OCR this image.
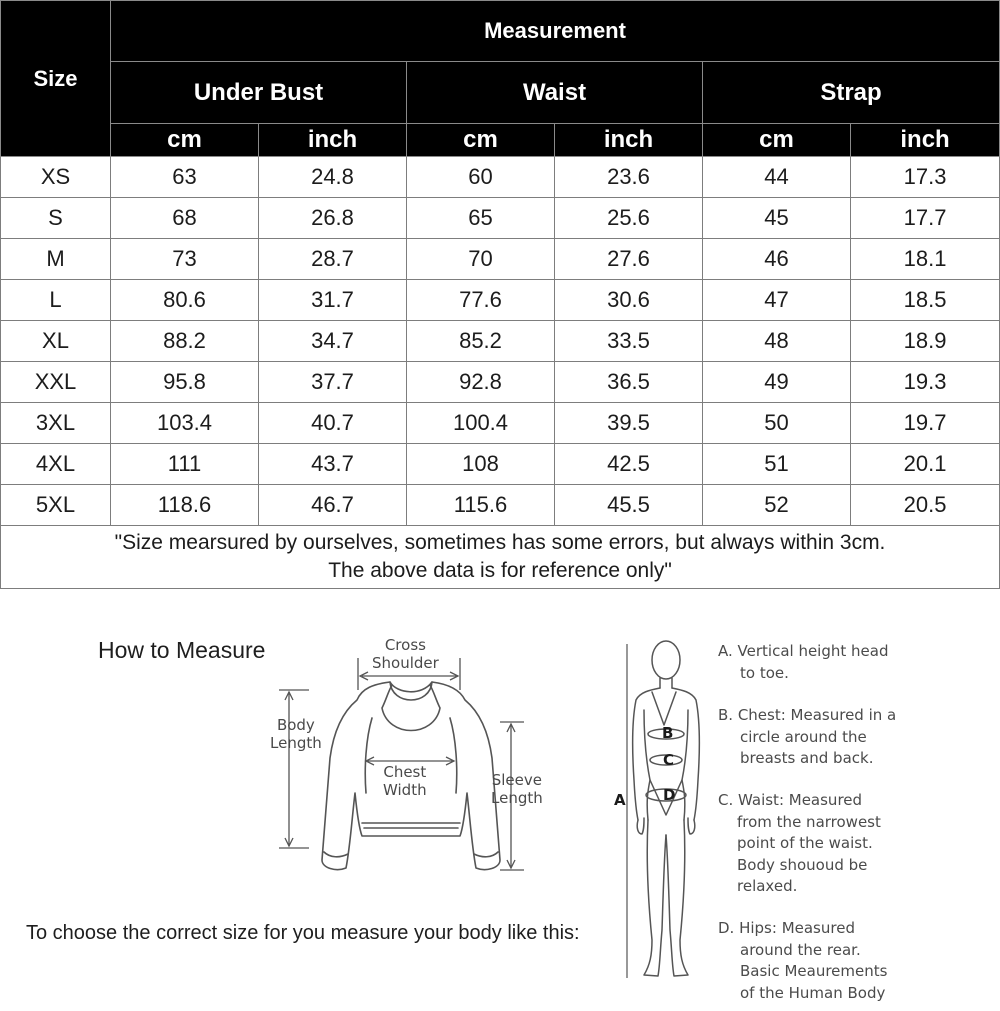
Size	Measurement					
	Under Bust		Waist		Strap	
	cm	inch	cm	inch	cm	inch
XS	63	24.8	60	23.6	44	17.3
S	68	26.8	65	25.6	45	17.7
M	73	28.7	70	27.6	46	18.1
L	80.6	31.7	77.6	30.6	47	18.5
XL	88.2	34.7	85.2	33.5	48	18.9
XXL	95.8	37.7	92.8	36.5	49	19.3
3XL	103.4	40.7	100.4	39.5	50	19.7
4XL	111	43.7	108	42.5	51	20.1
5XL	118.6	46.7	115.6	45.5	52	20.5

"Size mearsured by ourselves, sometimes has some errors, but always within 3cm.
The above data is for reference only"						
How to Measure	Cross
Shoulder
Body
Length
Chest
Width
Sleeve
Length	A
B
C
D
A. Vertical height head
to toe.
B. Chest: Measured in a
circle around the
breasts and back.
C. Waist: Measured
from the narrowest
point of the waist.
Body shououd be
relaxed.
D. Hips: Measured
around the rear.
Basic Meaurements
of the Human Body
To choose the correct size for you measure your body like this:
